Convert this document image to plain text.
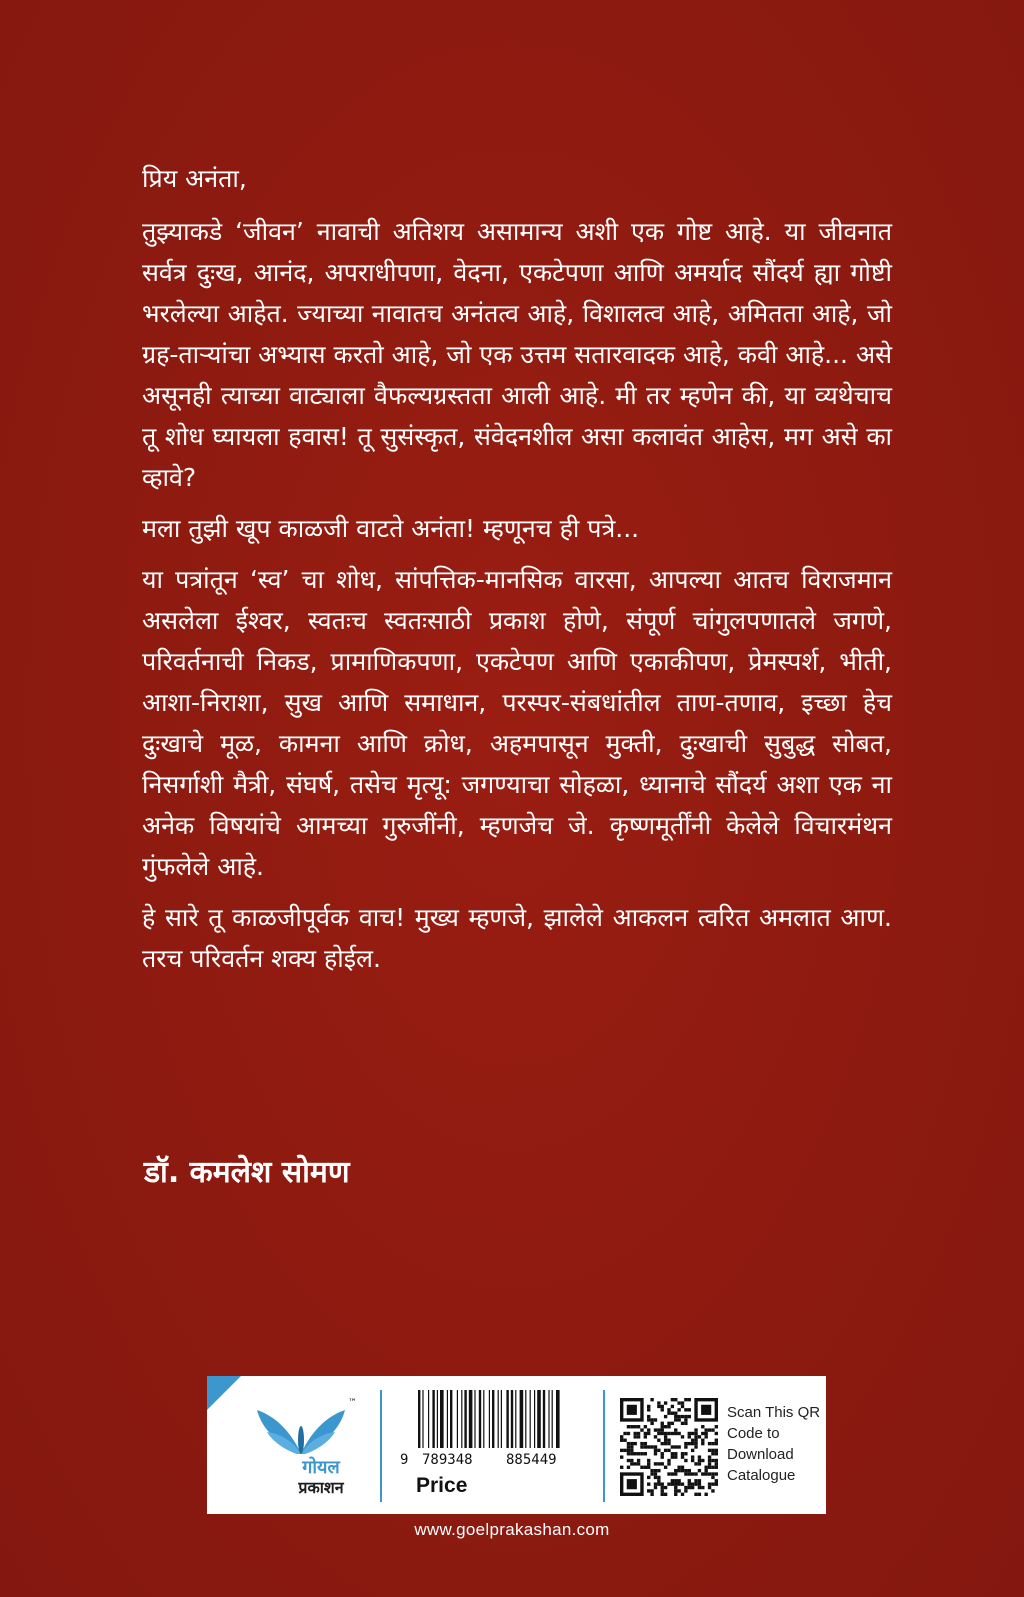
प्रिय अनंता,

तुझ्याकडे ‘जीवन’ नावाची अतिशय असामान्य अशी एक गोष्ट आहे. या जीवनात सर्वत्र दुःख, आनंद, अपराधीपणा, वेदना, एकटेपणा आणि अमर्याद सौंदर्य ह्या गोष्टी भरलेल्या आहेत. ज्याच्या नावातच अनंतत्व आहे, विशालत्व आहे, अमितता आहे, जो ग्रह-ताऱ्यांचा अभ्यास करतो आहे, जो एक उत्तम सतारवादक आहे, कवी आहे... असे असूनही त्याच्या वाट्याला वैफल्यग्रस्तता आली आहे. मी तर म्हणेन की, या व्यथेचाच तू शोध घ्यायला हवास! तू सुसंस्कृत, संवेदनशील असा कलावंत आहेस, मग असे का व्हावे?

मला तुझी खूप काळजी वाटते अनंता! म्हणूनच ही पत्रे...

या पत्रांतून ‘स्व’ चा शोध, सांपत्तिक-मानसिक वारसा, आपल्या आतच विराजमान असलेला ईश्वर, स्वतःच स्वतःसाठी प्रकाश होणे, संपूर्ण चांगुलपणातले जगणे, परिवर्तनाची निकड, प्रामाणिकपणा, एकटेपण आणि एकाकीपण, प्रेमस्पर्श, भीती, आशा-निराशा, सुख आणि समाधान, परस्पर-संबधांतील ताण-तणाव, इच्छा हेच दुःखाचे मूळ, कामना आणि क्रोध, अहमपासून मुक्ती, दुःखाची सुबुद्ध सोबत, निसर्गाशी मैत्री, संघर्ष, तसेच मृत्यू: जगण्याचा सोहळा, ध्यानाचे सौंदर्य अशा एक ना अनेक विषयांचे आमच्या गुरुजींनी, म्हणजेच जे. कृष्णमूर्तींनी केलेले विचारमंथन गुंफलेले आहे.

हे सारे तू काळजीपूर्वक वाच! मुख्य म्हणजे, झालेले आकलन त्वरित अमलात आण. तरच परिवर्तन शक्य होईल.

डॉ. कमलेश सोमण
™
गोयल
प्रकाशन
9 789348 885449
Price
Scan This QR Code to Download Catalogue
www.goelprakashan.com
